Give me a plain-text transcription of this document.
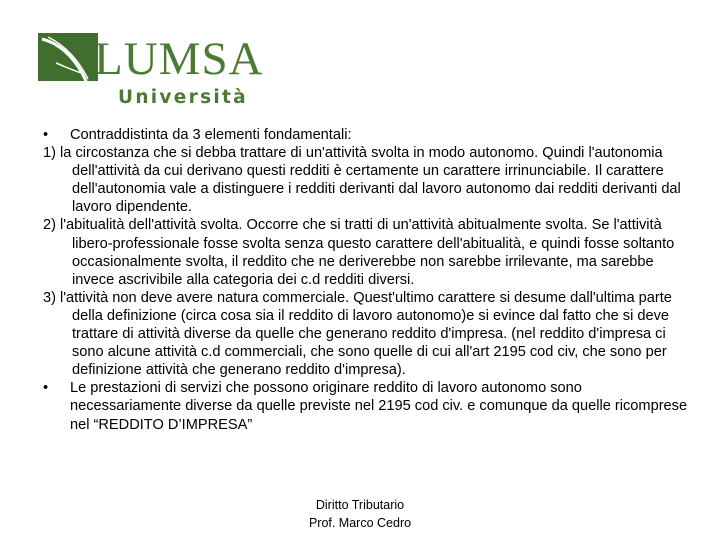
LUMSA
Università
•	Contraddistinta da 3 elementi fondamentali:
1) la circostanza che si debba trattare di un'attività svolta in modo autonomo. Quindi l'autonomia dell'attività da cui derivano questi redditi è certamente un carattere irrinunciabile. Il carattere dell'autonomia vale a distinguere i redditi derivanti dal lavoro autonomo dai redditi derivanti dal lavoro dipendente.
2) l'abitualità dell'attività svolta. Occorre che si tratti di un'attività abitualmente svolta. Se l'attività libero-professionale fosse svolta senza questo carattere dell'abitualità, e quindi fosse soltanto occasionalmente svolta, il reddito che ne deriverebbe non sarebbe irrilevante, ma sarebbe invece ascrivibile alla categoria dei c.d redditi diversi.
3) l'attività non deve avere natura commerciale. Quest'ultimo carattere si desume dall'ultima parte della definizione (circa cosa sia il reddito di lavoro autonomo)e si evince dal fatto che si deve trattare di attività diverse da quelle che generano reddito d'impresa. (nel reddito d'impresa ci sono alcune attività c.d commerciali, che sono quelle di cui all'art 2195 cod civ, che sono per definizione attività che generano reddito d'impresa).
•	Le prestazioni di servizi che possono originare reddito di lavoro autonomo sono necessariamente diverse da quelle previste nel 2195 cod civ. e comunque da quelle ricomprese nel “REDDITO D’IMPRESA”
Diritto Tributario
Prof. Marco Cedro
